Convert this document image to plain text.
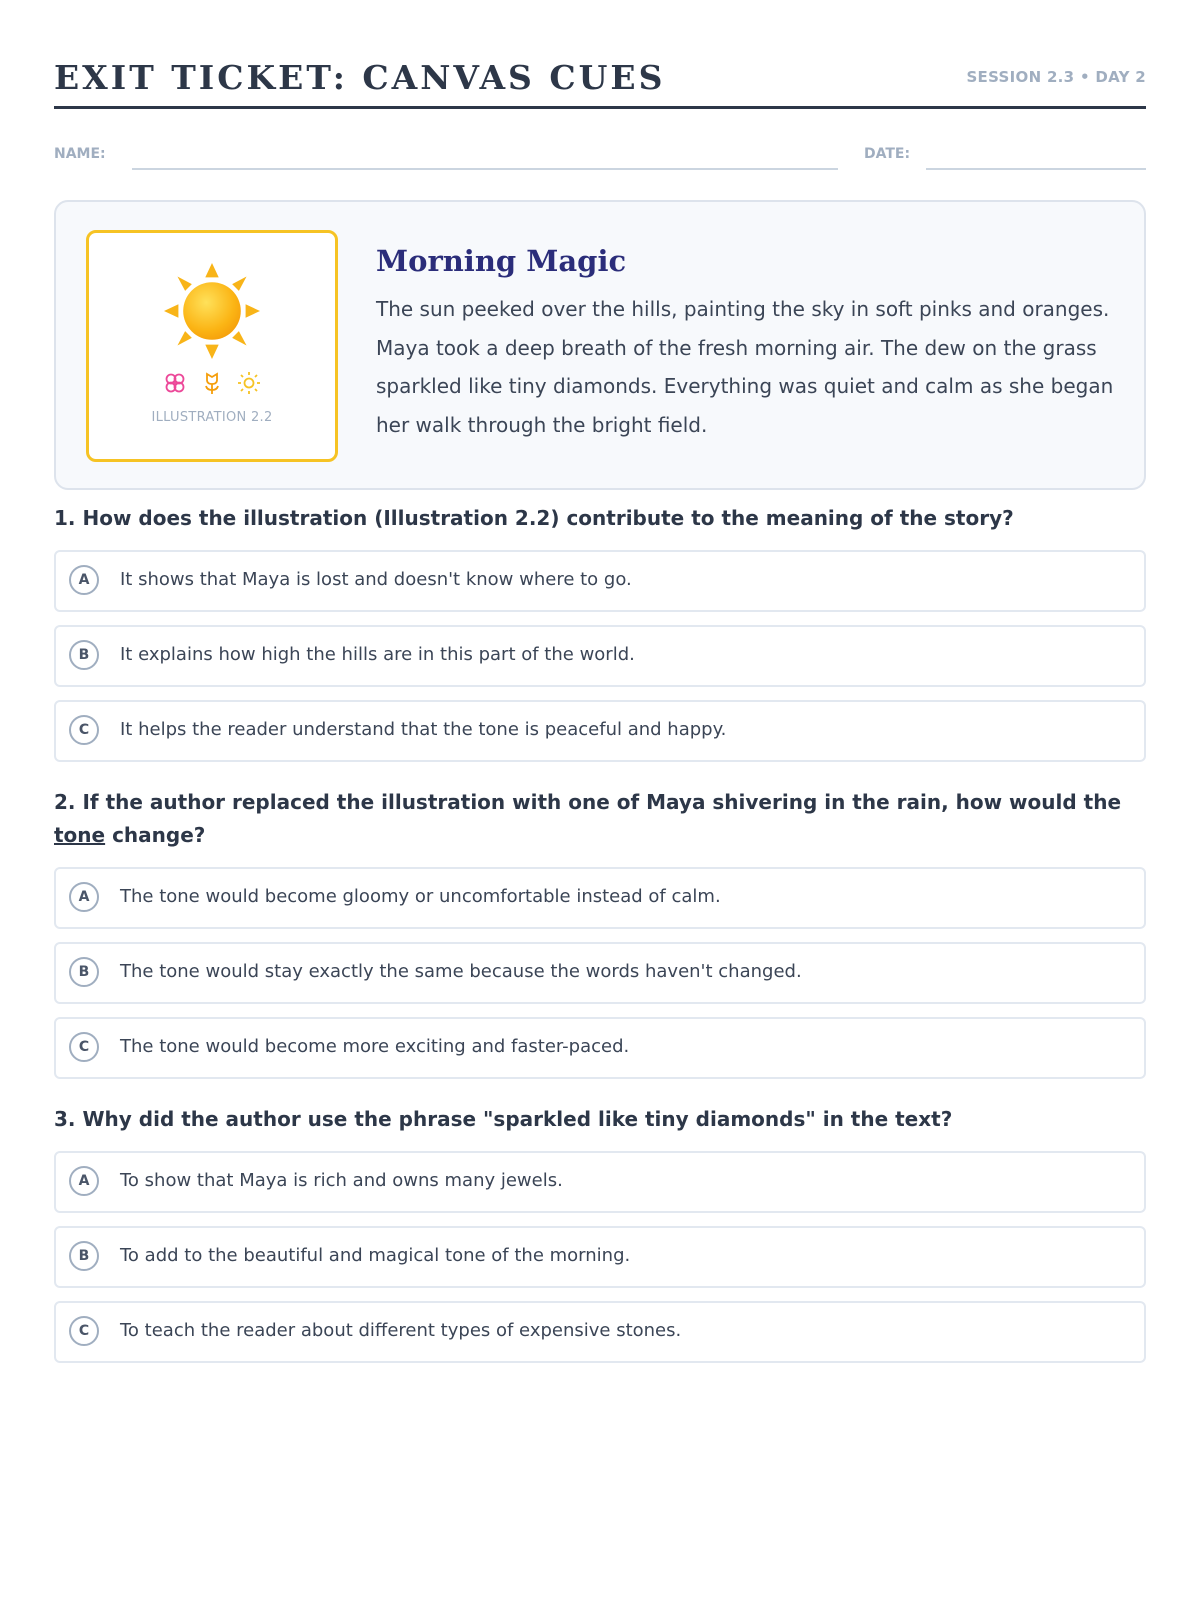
EXIT TICKET: CANVAS CUES	SESSION 2.3 • DAY 2
NAME:	DATE:

ILLUSTRATION 2.2
Morning Magic

The sun peeked over the hills, painting the sky in soft pinks and oranges. Maya took a deep breath of the fresh morning air. The dew on the grass sparkled like tiny diamonds. Everything was quiet and calm as she began her walk through the bright field.

1. How does the illustration (Illustration 2.2) contribute to the meaning of the story?

A	It shows that Maya is lost and doesn't know where to go.
B	It explains how high the hills are in this part of the world.
C	It helps the reader understand that the tone is peaceful and happy.

2. If the author replaced the illustration with one of Maya shivering in the rain, how would the tone change?

A	The tone would become gloomy or uncomfortable instead of calm.
B	The tone would stay exactly the same because the words haven't changed.
C	The tone would become more exciting and faster-paced.

3. Why did the author use the phrase "sparkled like tiny diamonds" in the text?

A	To show that Maya is rich and owns many jewels.
B	To add to the beautiful and magical tone of the morning.
C	To teach the reader about different types of expensive stones.
